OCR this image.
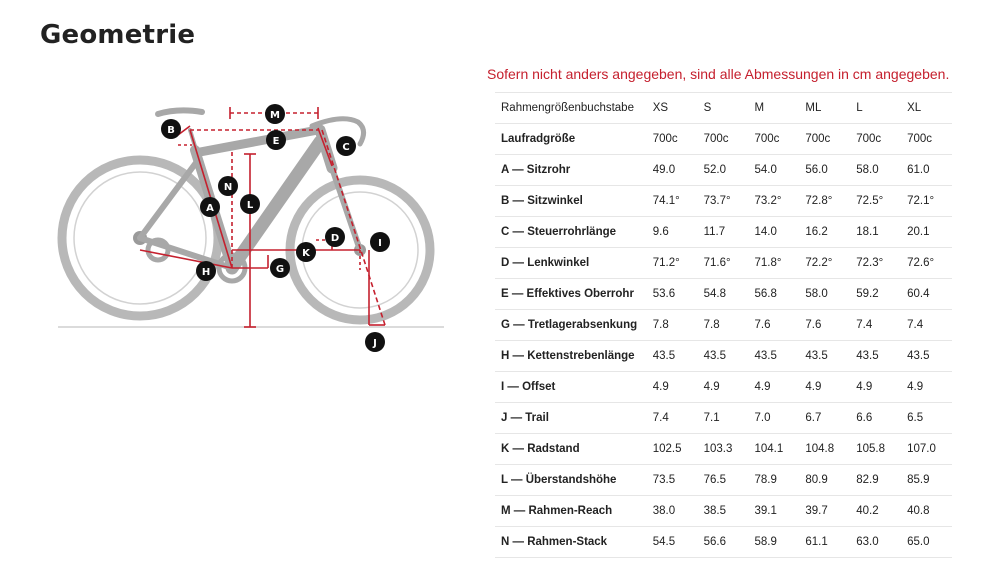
Geometrie
A
B
C
D
E
G
H
I
J
K
L
M
N
Sofern nicht anders angegeben, sind alle Abmessungen in cm angegeben.
Rahmengrößenbuchstabe	XS	S	M	ML	L	XL
Laufradgröße	700c	700c	700c	700c	700c	700c
A — Sitzrohr	49.0	52.0	54.0	56.0	58.0	61.0
B — Sitzwinkel	74.1°	73.7°	73.2°	72.8°	72.5°	72.1°
C — Steuerrohrlänge	9.6	11.7	14.0	16.2	18.1	20.1
D — Lenkwinkel	71.2°	71.6°	71.8°	72.2°	72.3°	72.6°
E — Effektives Oberrohr	53.6	54.8	56.8	58.0	59.2	60.4
G — Tretlagerabsenkung	7.8	7.8	7.6	7.6	7.4	7.4
H — Kettenstrebenlänge	43.5	43.5	43.5	43.5	43.5	43.5
I — Offset	4.9	4.9	4.9	4.9	4.9	4.9
J — Trail	7.4	7.1	7.0	6.7	6.6	6.5
K — Radstand	102.5	103.3	104.1	104.8	105.8	107.0
L — Überstandshöhe	73.5	76.5	78.9	80.9	82.9	85.9
M — Rahmen-Reach	38.0	38.5	39.1	39.7	40.2	40.8
N — Rahmen-Stack	54.5	56.6	58.9	61.1	63.0	65.0
